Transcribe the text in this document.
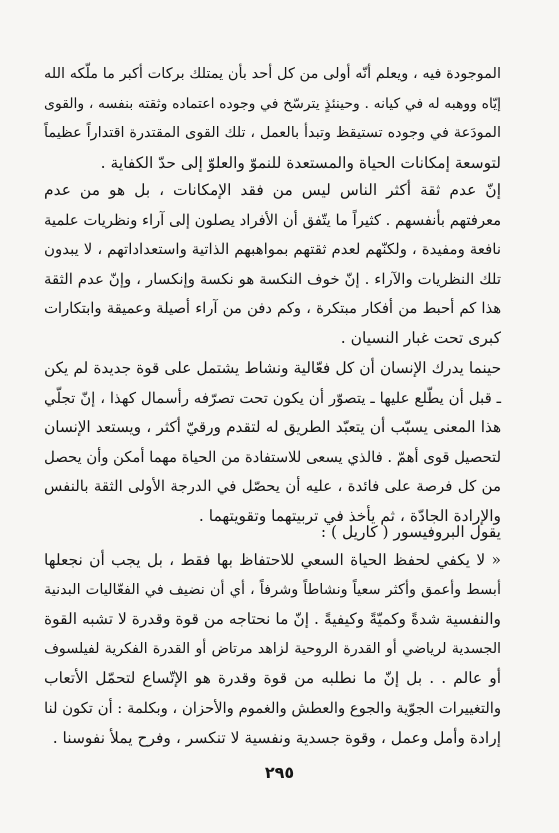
الموجودة فيه ، ويعلم أنّه أولى من كل أحد بأن يمتلك بركات أكبر ما ملّكه الله
إيّاه ووهبه له في كيانه . وحينئذٍ يترسّخ في وجوده اعتماده وثقته بنفسه ، والقوى
المودَعة في وجوده تستيقظ وتبدأ بالعمل ، تلك القوى المقتدرة اقتداراً عظيماً
لتوسعة إمكانات الحياة والمستعدة للنموّ والعلوّ إلى حدّ الكفاية .
إنّ عدم ثقة أكثر الناس ليس من فقد الإمكانات ، بل هو من عدم
معرفتهم بأنفسهم . كثيراً ما يتّفق أن الأفراد يصلون إلى آراء ونظريات علمية
نافعة ومفيدة ، ولكنّهم لعدم ثقتهم بمواهبهم الذاتية واستعداداتهم ، لا يبدون
تلك النظريات والآراء . إنّ خوف النكسة هو نكسة وإنكسار ، وإنّ عدم الثقة
هذا كم أحبط من أفكار مبتكرة ، وكم دفن من آراء أصيلة وعميقة وابتكارات
كبرى تحت غبار النسيان .
حينما يدرك الإنسان أن كل فعّالية ونشاط يشتمل على قوة جديدة لم يكن
ـ قبل أن يطّلع عليها ـ يتصوّر أن يكون تحت تصرّفه رأسمال كهذا ، إنّ تجلّي
هذا المعنى يسبّب أن يتعبّد الطريق له لتقدم ورقيّ أكثر ، ويستعد الإنسان
لتحصيل قوى أهمّ . فالذي يسعى للاستفادة من الحياة مهما أمكن وأن يحصل
من كل فرصة على فائدة ، عليه أن يحصّل في الدرجة الأولى الثقة بالنفس
والإرادة الجادّة ، ثم يأخذ في تربيتهما وتقويتهما .
يقول البروفيسور ( كاريل ) :
« لا يكفي لحفظ الحياة السعي للاحتفاظ بها فقط ، بل يجب أن نجعلها
أبسط وأعمق وأكثر سعياً ونشاطاً وشرفاً ، أي أن نضيف في الفعّاليات البدنية
والنفسية شدةً وكميّةً وكيفيةً . إنّ ما نحتاجه من قوة وقدرة لا تشبه القوة
الجسدية لرياضي أو القدرة الروحية لزاهد مرتاض أو القدرة الفكرية لفيلسوف
أو عالم . . بل إنّ ما نطلبه من قوة وقدرة هو الإتّساع لتحمّل الأتعاب
والتغييرات الجوّية والجوع والعطش والغموم والأحزان ، وبكلمة : أن تكون لنا
إرادة وأمل وعمل ، وقوة جسدية ونفسية لا تنكسر ، وفرح يملأ نفوسنا .
٢٩٥
